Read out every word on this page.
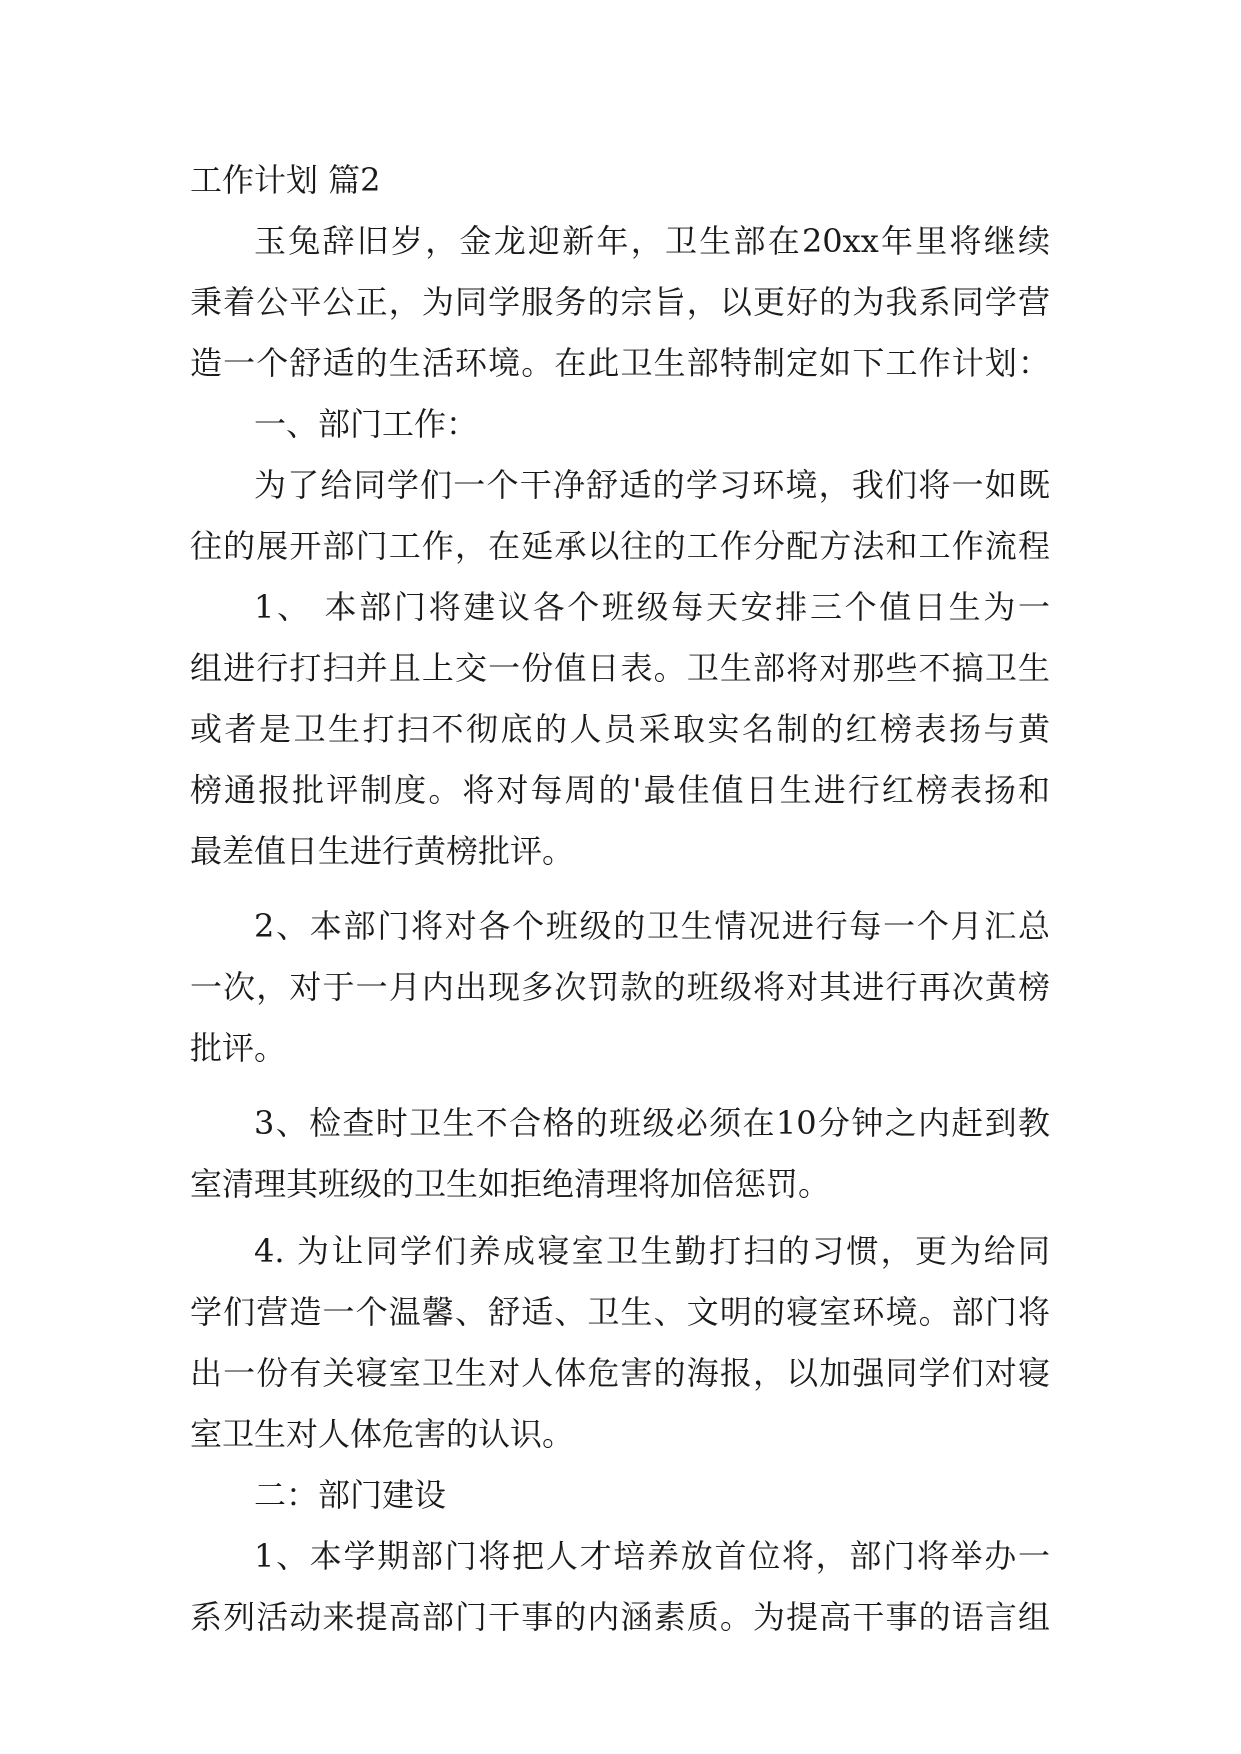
工作计划 篇2
玉兔辞旧岁，金龙迎新年，卫生部在20xx年里将继续
秉着公平公正，为同学服务的宗旨，以更好的为我系同学营
造一个舒适的生活环境。在此卫生部特制定如下工作计划：
一、部门工作：
为了给同学们一个干净舒适的学习环境，我们将一如既
往的展开部门工作，在延承以往的工作分配方法和工作流程
1、 本部门将建议各个班级每天安排三个值日生为一
组进行打扫并且上交一份值日表。卫生部将对那些不搞卫生
或者是卫生打扫不彻底的人员采取实名制的红榜表扬与黄
榜通报批评制度。将对每周的'最佳值日生进行红榜表扬和
最差值日生进行黄榜批评。
2、本部门将对各个班级的卫生情况进行每一个月汇总
一次，对于一月内出现多次罚款的班级将对其进行再次黄榜
批评。
3、检查时卫生不合格的班级必须在10分钟之内赶到教
室清理其班级的卫生如拒绝清理将加倍惩罚。
4. 为让同学们养成寝室卫生勤打扫的习惯，更为给同
学们营造一个温馨、舒适、卫生、文明的寝室环境。部门将
出一份有关寝室卫生对人体危害的海报，以加强同学们对寝
室卫生对人体危害的认识。
二：部门建设
1、本学期部门将把人才培养放首位将，部门将举办一
系列活动来提高部门干事的内涵素质。为提高干事的语言组
